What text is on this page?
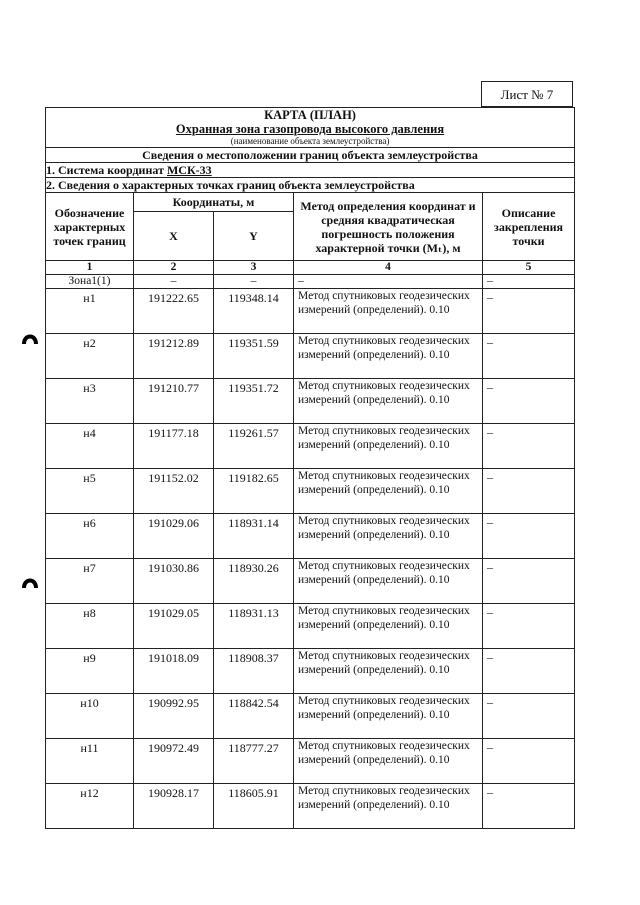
Лист № 7
КАРТА (ПЛАН)
Охранная зона газопровода высокого давления
(наименование объекта землеустройства)				

Сведения о местоположении границ объекта землеустройства				
1. Система координат МСК-33				
2. Сведения о характерных точках границ объекта землеустройства				
Обозначение характерных точек границ	Координаты, м		Метод определения координат и средняя квадратическая погрешность положения характерной точки (Mₜ), м	Описание закрепления точки
	X	Y		
1	2	3	4	5
Зона1(1)	–	–	–	–
н1	191222.65	119348.14	Метод спутниковых геодезических измерений (определений). 0.10	–
н2	191212.89	119351.59	Метод спутниковых геодезических измерений (определений). 0.10	–
н3	191210.77	119351.72	Метод спутниковых геодезических измерений (определений). 0.10	–
н4	191177.18	119261.57	Метод спутниковых геодезических измерений (определений). 0.10	–
н5	191152.02	119182.65	Метод спутниковых геодезических измерений (определений). 0.10	–
н6	191029.06	118931.14	Метод спутниковых геодезических измерений (определений). 0.10	–
н7	191030.86	118930.26	Метод спутниковых геодезических измерений (определений). 0.10	–
н8	191029.05	118931.13	Метод спутниковых геодезических измерений (определений). 0.10	–
н9	191018.09	118908.37	Метод спутниковых геодезических измерений (определений). 0.10	–
н10	190992.95	118842.54	Метод спутниковых геодезических измерений (определений). 0.10	–
н11	190972.49	118777.27	Метод спутниковых геодезических измерений (определений). 0.10	–
н12	190928.17	118605.91	Метод спутниковых геодезических измерений (определений). 0.10	–
